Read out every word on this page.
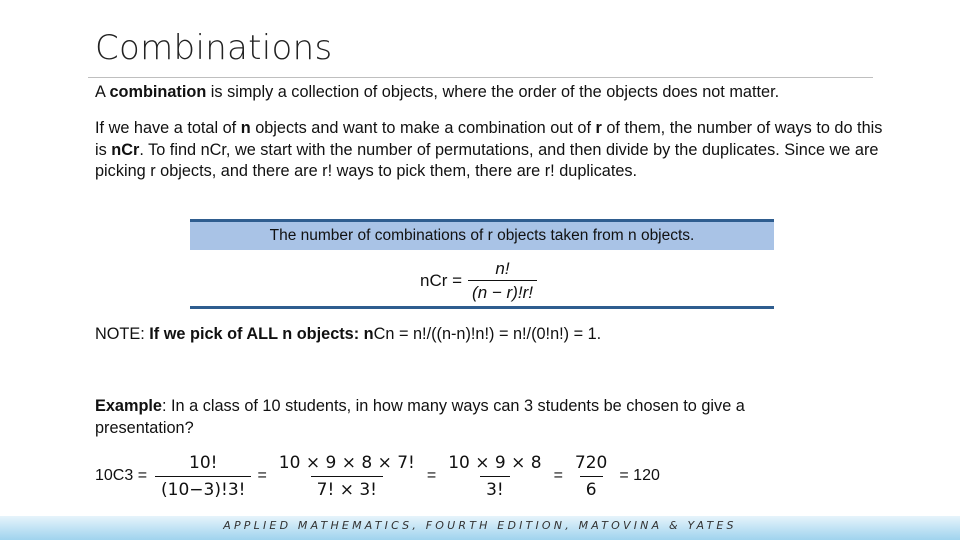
Combinations
A combination is simply a collection of objects, where the order of the objects does not matter.
If we have a total of n objects and want to make a combination out of r of them, the number of ways to do this is nCr. To find nCr, we start with the number of permutations, and then divide by the duplicates. Since we are picking r objects, and there are r! ways to pick them, there are r! duplicates.
The number of combinations of r objects taken from n objects.
nCr = $\frac{n!}{(n - r)!r!}$
NOTE: If we pick of ALL n objects: nCn = n!/((n-n)!n!) = n!/(0!n!) = 1.
Example: In a class of 10 students, in how many ways can 3 students be chosen to give a presentation?
$10C3 = \frac{10!}{(10-3)!3!} = \frac{10 \times 9 \times 8 \times 7!}{7! \times 3!} = \frac{10 \times 9 \times 8}{3!} = \frac{720}{6} = 120$
APPLIED MATHEMATICS, FOURTH EDITION, MATOVINA & YATES
